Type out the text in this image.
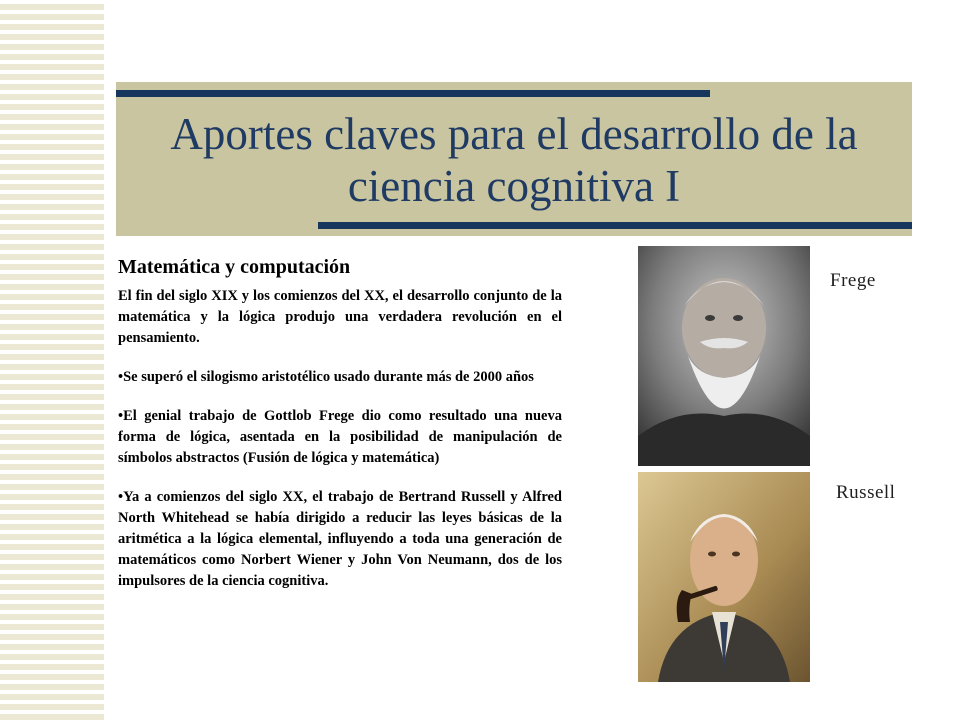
Aportes claves para el desarrollo de la ciencia cognitiva I
Matemática y computación

El fin del siglo XIX y los comienzos del XX, el desarrollo conjunto de la matemática y la lógica produjo una verdadera revolución en el pensamiento.

•Se superó el silogismo aristotélico usado durante más de 2000 años

•El genial trabajo de Gottlob Frege dio como resultado una nueva forma de lógica, asentada en la posibilidad de manipulación de símbolos abstractos (Fusión de lógica y matemática)

•Ya a comienzos del siglo XX, el trabajo de Bertrand Russell y Alfred North Whitehead se había dirigido a reducir las leyes básicas de la aritmética a la lógica elemental, influyendo a toda una generación de matemáticos como Norbert Wiener y John Von Neumann, dos de los impulsores de la ciencia cognitiva.

Frege
Russell
